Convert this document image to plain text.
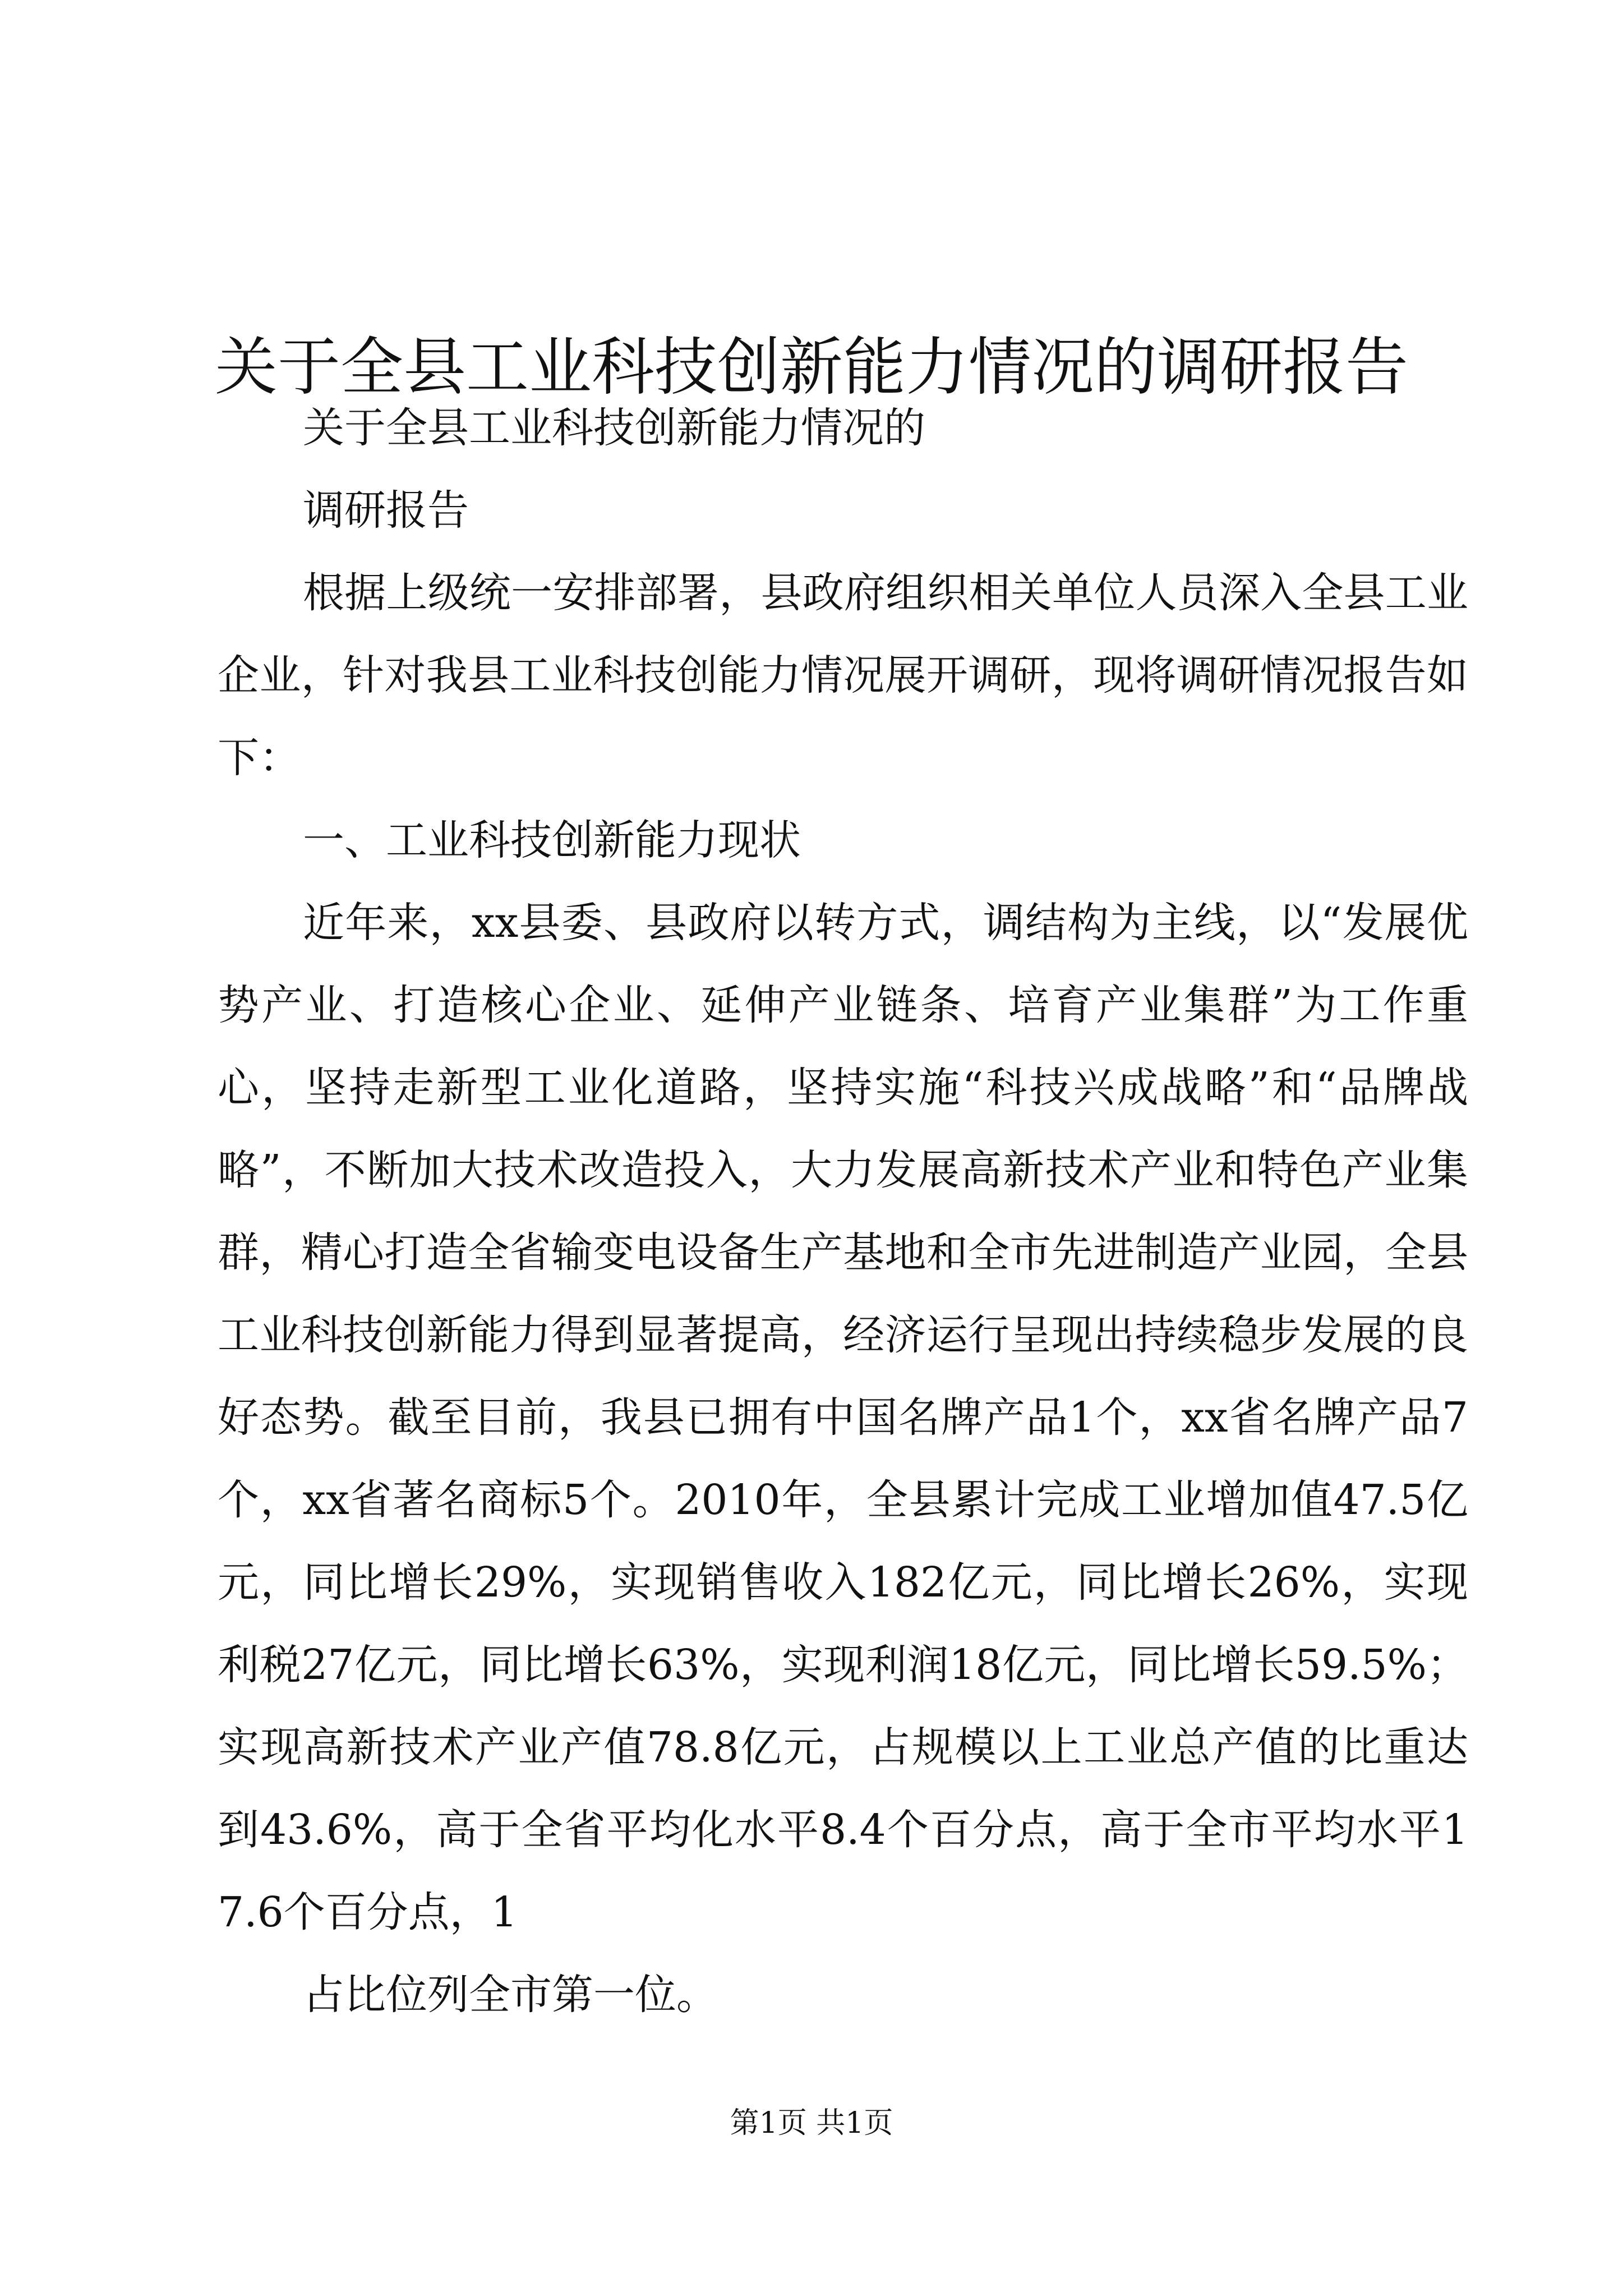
关于全县工业科技创新能力情况的调研报告

关于全县工业科技创新能力情况的

调研报告

根据上级统一安排部署，县政府组织相关单位人员深入全县工业企业，针对我县工业科技创能力情况展开调研，现将调研情况报告如下：

一、工业科技创新能力现状

近年来，xx县委、县政府以转方式，调结构为主线，以“发展优势产业、打造核心企业、延伸产业链条、培育产业集群”为工作重心，坚持走新型工业化道路，坚持实施“科技兴成战略”和“品牌战略”，不断加大技术改造投入，大力发展高新技术产业和特色产业集群，精心打造全省输变电设备生产基地和全市先进制造产业园，全县工业科技创新能力得到显著提高，经济运行呈现出持续稳步发展的良好态势。截至目前，我县已拥有中国名牌产品1个，xx省名牌产品7个，xx省著名商标5个。2010年，全县累计完成工业增加值47.5亿元，同比增长29%，实现销售收入182亿元，同比增长26%，实现利税27亿元，同比增长63%，实现利润18亿元，同比增长59.5%；实现高新技术产业产值78.8亿元，占规模以上工业总产值的比重达到43.6%，高于全省平均化水平8.4个百分点，高于全市平均水平17.6个百分点，1

占比位列全市第一位。

第1页 共1页
